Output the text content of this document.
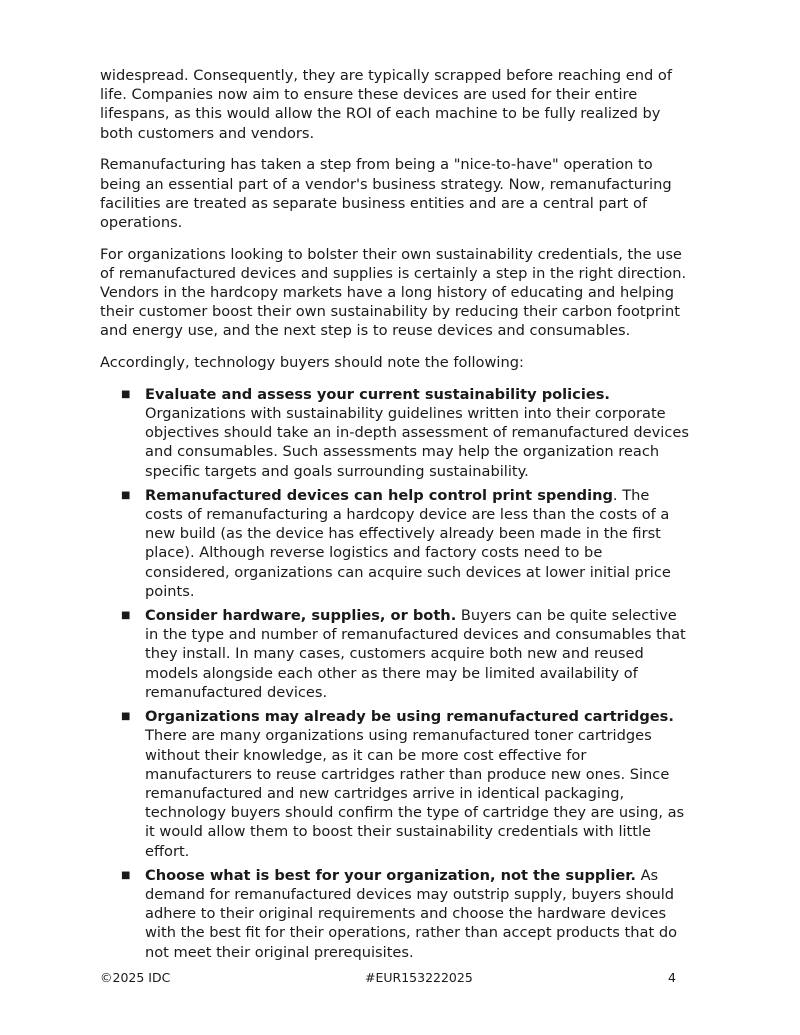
widespread. Consequently, they are typically scrapped before reaching end of life. Companies now aim to ensure these devices are used for their entire lifespans, as this would allow the ROI of each machine to be fully realized by both customers and vendors.

Remanufacturing has taken a step from being a "nice-to-have" operation to being an essential part of a vendor's business strategy. Now, remanufacturing facilities are treated as separate business entities and are a central part of operations.

For organizations looking to bolster their own sustainability credentials, the use of remanufactured devices and supplies is certainly a step in the right direction. Vendors in the hardcopy markets have a long history of educating and helping their customer boost their own sustainability by reducing their carbon footprint and energy use, and the next step is to reuse devices and consumables.

Accordingly, technology buyers should note the following:

■ Evaluate and assess your current sustainability policies. Organizations with sustainability guidelines written into their corporate objectives should take an in-depth assessment of remanufactured devices and consumables. Such assessments may help the organization reach specific targets and goals surrounding sustainability.
■ Remanufactured devices can help control print spending. The costs of remanufacturing a hardcopy device are less than the costs of a new build (as the device has effectively already been made in the first place). Although reverse logistics and factory costs need to be considered, organizations can acquire such devices at lower initial price points.
■ Consider hardware, supplies, or both. Buyers can be quite selective in the type and number of remanufactured devices and consumables that they install. In many cases, customers acquire both new and reused models alongside each other as there may be limited availability of remanufactured devices.
■ Organizations may already be using remanufactured cartridges. There are many organizations using remanufactured toner cartridges without their knowledge, as it can be more cost effective for manufacturers to reuse cartridges rather than produce new ones. Since remanufactured and new cartridges arrive in identical packaging, technology buyers should confirm the type of cartridge they are using, as it would allow them to boost their sustainability credentials with little effort.
■ Choose what is best for your organization, not the supplier. As demand for remanufactured devices may outstrip supply, buyers should adhere to their original requirements and choose the hardware devices with the best fit for their operations, rather than accept products that do not meet their original prerequisites.
©2025 IDC	#EUR153222025	4
